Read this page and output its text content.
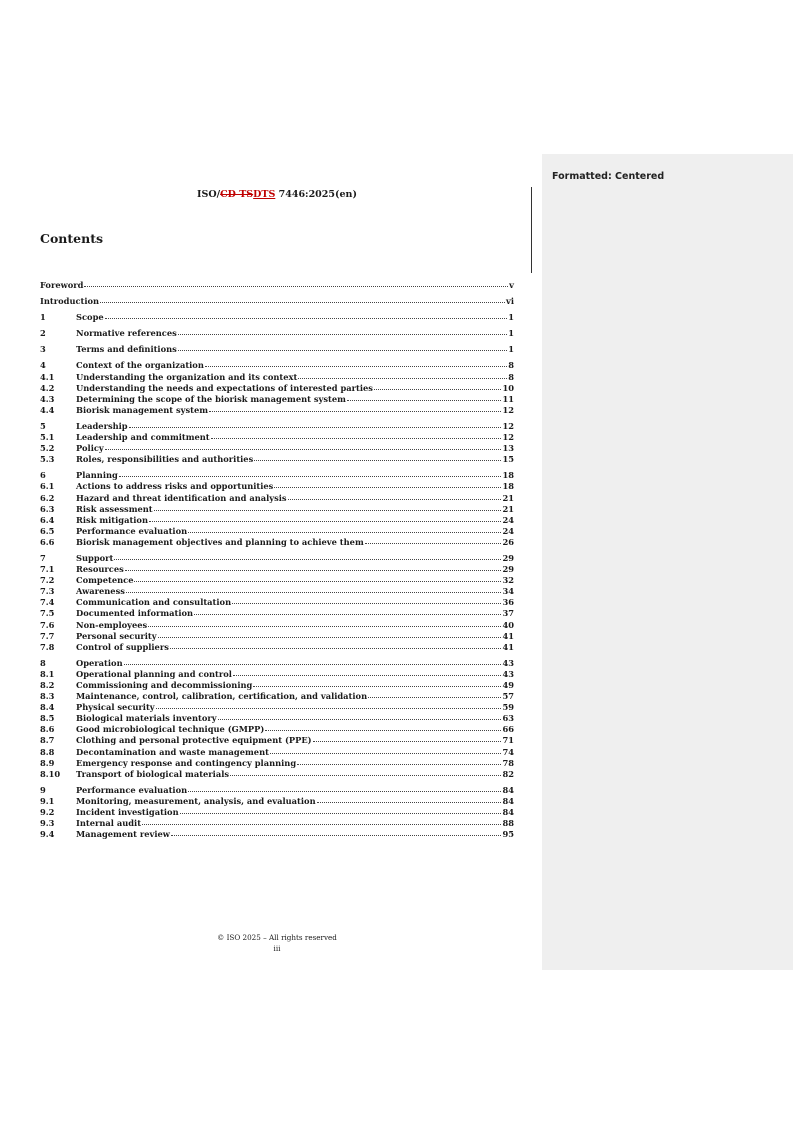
ISO/CD TSDTS 7446:2025(en)
Formatted: Centered
Contents
Foreword	v
Introduction	vi
1	Scope	1
2	Normative references	1
3	Terms and definitions	1
4	Context of the organization	8
4.1	Understanding the organization and its context	8
4.2	Understanding the needs and expectations of interested parties	10
4.3	Determining the scope of the biorisk management system	11
4.4	Biorisk management system	12
5	Leadership	12
5.1	Leadership and commitment	12
5.2	Policy	13
5.3	Roles, responsibilities and authorities	15
6	Planning	18
6.1	Actions to address risks and opportunities	18
6.2	Hazard and threat identification and analysis	21
6.3	Risk assessment	21
6.4	Risk mitigation	24
6.5	Performance evaluation	24
6.6	Biorisk management objectives and planning to achieve them	26
7	Support	29
7.1	Resources	29
7.2	Competence	32
7.3	Awareness	34
7.4	Communication and consultation	36
7.5	Documented information	37
7.6	Non-employees	40
7.7	Personal security	41
7.8	Control of suppliers	41
8	Operation	43
8.1	Operational planning and control	43
8.2	Commissioning and decommissioning	49
8.3	Maintenance, control, calibration, certification, and validation	57
8.4	Physical security	59
8.5	Biological materials inventory	63
8.6	Good microbiological technique (GMPP)	66
8.7	Clothing and personal protective equipment (PPE)	71
8.8	Decontamination and waste management	74
8.9	Emergency response and contingency planning	78
8.10	Transport of biological materials	82
9	Performance evaluation	84
9.1	Monitoring, measurement, analysis, and evaluation	84
9.2	Incident investigation	84
9.3	Internal audit	88
9.4	Management review	95
© ISO 2025 – All rights reserved
iii
